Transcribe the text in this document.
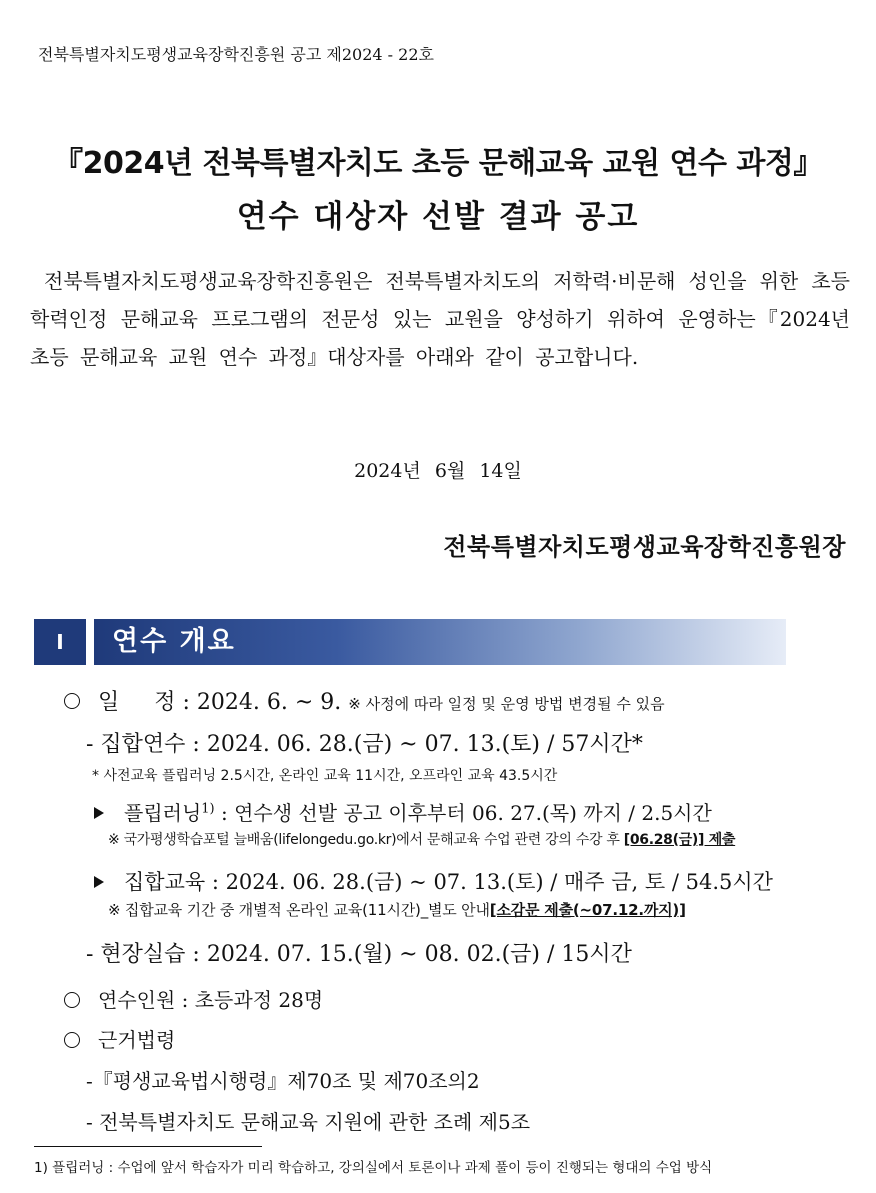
전북특별자치도평생교육장학진흥원 공고 제2024 - 22호
『2024년 전북특별자치도 초등 문해교육 교원 연수 과정』
연수 대상자 선발 결과 공고
전북특별자치도평생교육장학진흥원은 전북특별자치도의 저학력·비문해 성인을 위한 초등 학력인정 문해교육 프로그램의 전문성 있는 교원을 양성하기 위하여 운영하는『2024년 초등 문해교육 교원 연수 과정』대상자를 아래와 같이 공고합니다.
2024년 6월 14일
전북특별자치도평생교육장학진흥원장
Ⅰ	연수 개요
일     정 : 2024. 6. ~ 9. ※ 사정에 따라 일정 및 운영 방법 변경될 수 있음
- 집합연수 : 2024. 06. 28.(금) ~ 07. 13.(토) / 57시간*
* 사전교육 플립러닝 2.5시간, 온라인 교육 11시간, 오프라인 교육 43.5시간
플립러닝$^{1)}$ : 연수생 선발 공고 이후부터 06. 27.(목) 까지 / 2.5시간
※ 국가평생학습포털 늘배움(lifelongedu.go.kr)에서 문해교육 수업 관련 강의 수강 후 [06.28(금)] 제출
집합교육 : 2024. 06. 28.(금) ~ 07. 13.(토) / 매주 금, 토 / 54.5시간
※ 집합교육 기간 중 개별적 온라인 교육(11시간)_별도 안내[소감문 제출(~07.12.까지)]
- 현장실습 : 2024. 07. 15.(월) ~ 08. 02.(금) / 15시간
연수인원 : 초등과정 28명
근거법령
-『평생교육법시행령』제70조 및 제70조의2
- 전북특별자치도 문해교육 지원에 관한 조례 제5조
1) 플립러닝 : 수업에 앞서 학습자가 미리 학습하고, 강의실에서 토론이나 과제 풀이 등이 진행되는 형대의 수업 방식
